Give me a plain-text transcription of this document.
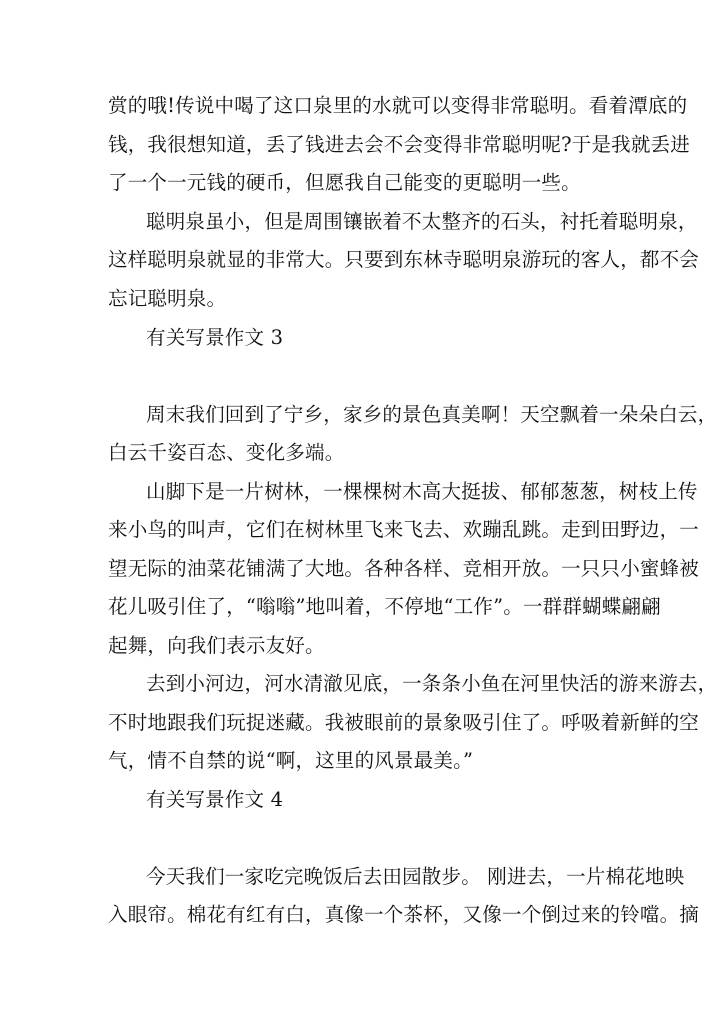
赏的哦!传说中喝了这口泉里的水就可以变得非常聪明。看着潭底的
钱，我很想知道，丢了钱进去会不会变得非常聪明呢?于是我就丢进
了一个一元钱的硬币，但愿我自己能变的更聪明一些。
聪明泉虽小，但是周围镶嵌着不太整齐的石头，衬托着聪明泉，
这样聪明泉就显的非常大。只要到东林寺聪明泉游玩的客人，都不会
忘记聪明泉。
有关写景作文 3
周末我们回到了宁乡，家乡的景色真美啊！天空飘着一朵朵白云，
白云千姿百态、变化多端。
山脚下是一片树林，一棵棵树木高大挺拔、郁郁葱葱，树枝上传
来小鸟的叫声，它们在树林里飞来飞去、欢蹦乱跳。走到田野边，一
望无际的油菜花铺满了大地。各种各样、竞相开放。一只只小蜜蜂被
花儿吸引住了，“嗡嗡”地叫着，不停地“工作”。一群群蝴蝶翩翩
起舞，向我们表示友好。
去到小河边，河水清澈见底，一条条小鱼在河里快活的游来游去，
不时地跟我们玩捉迷藏。我被眼前的景象吸引住了。呼吸着新鲜的空
气，情不自禁的说“啊，这里的风景最美。”
有关写景作文 4
今天我们一家吃完晚饭后去田园散步。 刚进去，一片棉花地映
入眼帘。棉花有红有白，真像一个茶杯，又像一个倒过来的铃噹。摘
